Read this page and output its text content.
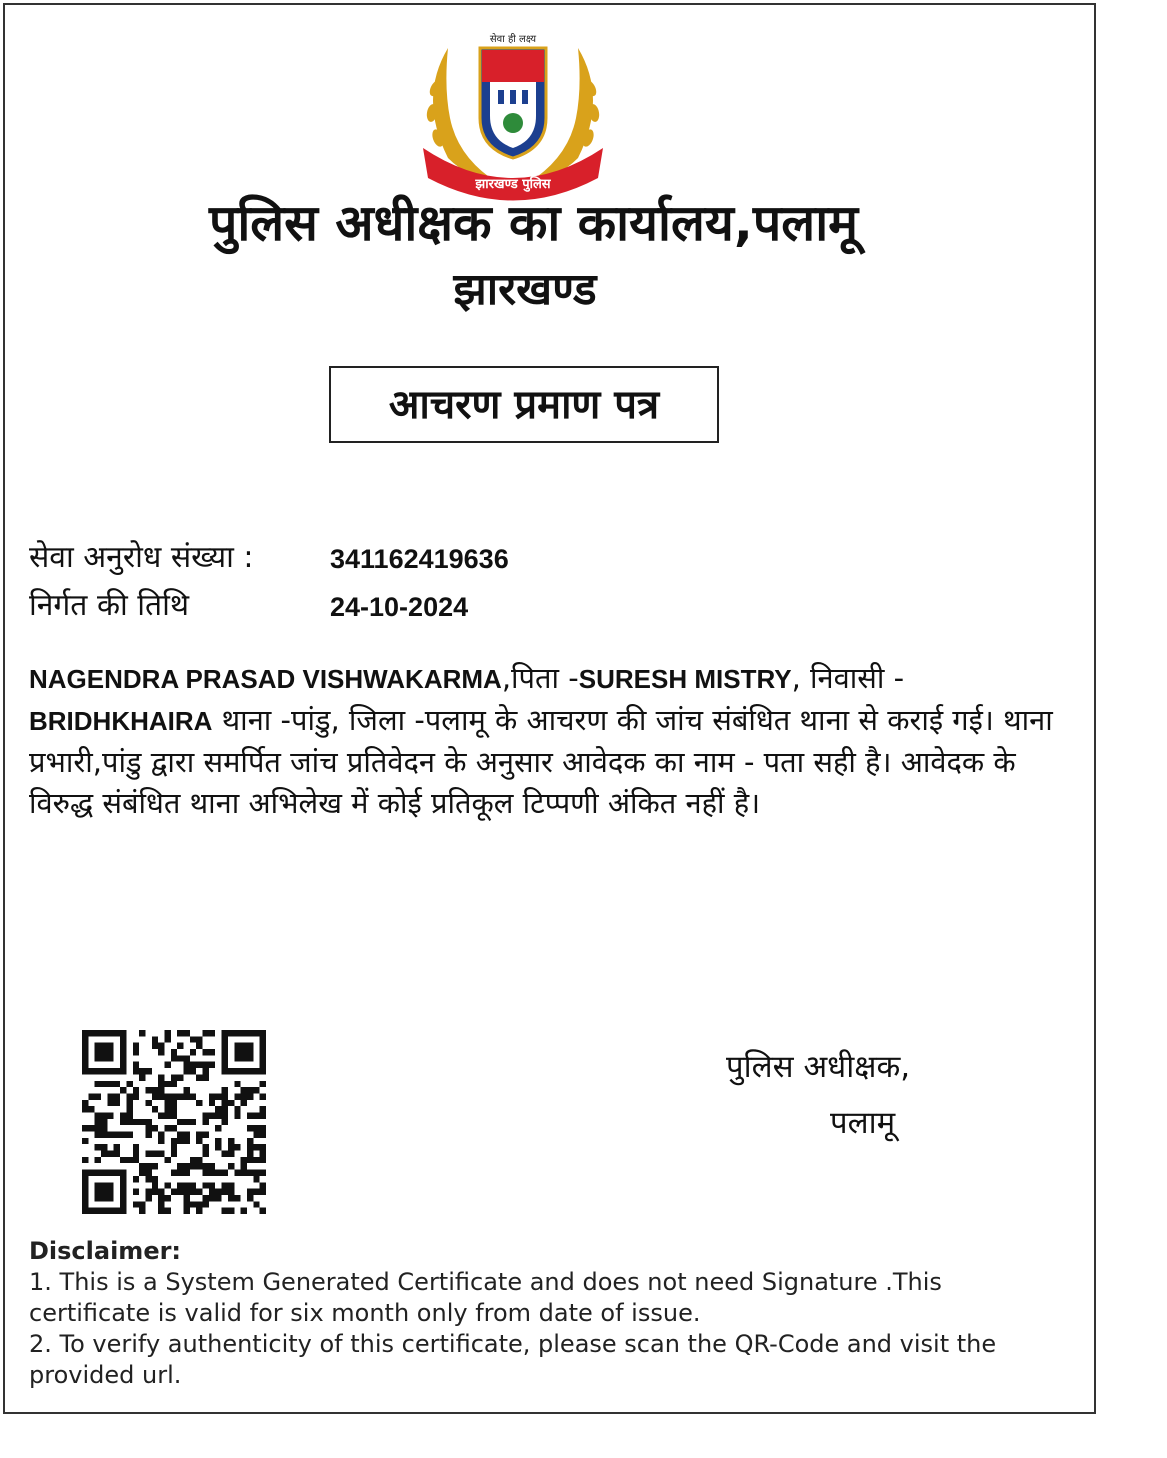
सेवा ही लक्ष्य
झारखण्ड पुलिस
पुलिस अधीक्षक का कार्यालय,पलामू
झारखण्ड
आचरण प्रमाण पत्र
सेवा अनुरोध संख्या :	341162419636
निर्गत की तिथि	24-10-2024
NAGENDRA PRASAD VISHWAKARMA,पिता -SURESH MISTRY, निवासी - BRIDHKHAIRA थाना -पांडु, जिला -पलामू के आचरण की जांच संबंधित थाना से कराई गई। थाना प्रभारी,पांडु द्वारा समर्पित जांच प्रतिवेदन के अनुसार आवेदक का नाम - पता सही है। आवेदक के विरुद्ध संबंधित थाना अभिलेख में कोई प्रतिकूल टिप्पणी अंकित नहीं है।
पुलिस अधीक्षक,
पलामू

Disclaimer:

1. This is a System Generated Certificate and does not need Signature .This certificate is valid for six month only from date of issue.

2. To verify authenticity of this certificate, please scan the QR-Code and visit the provided url.
